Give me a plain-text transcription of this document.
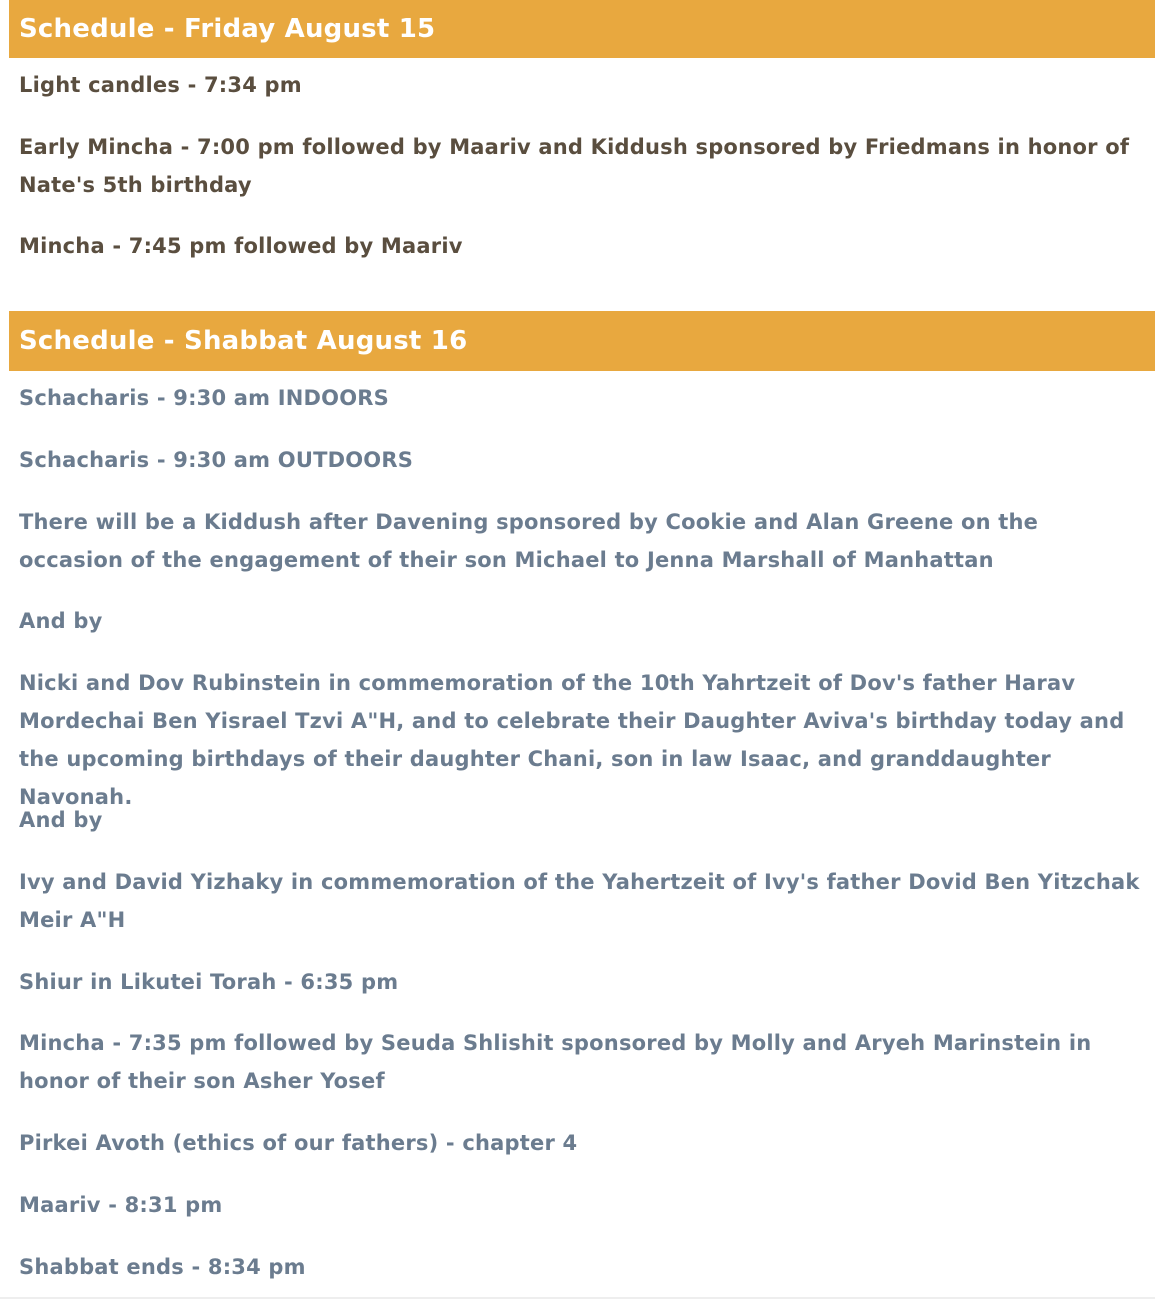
Schedule - Friday August 15

Light candles - 7:34 pm

Early Mincha - 7:00 pm followed by Maariv and Kiddush sponsored by Friedmans in honor of Nate's 5th birthday

Mincha - 7:45 pm followed by Maariv

Schedule - Shabbat August 16

Schacharis - 9:30 am INDOORS

Schacharis - 9:30 am OUTDOORS

There will be a Kiddush after Davening sponsored by Cookie and Alan Greene on the occasion of the engagement of their son Michael to Jenna Marshall of Manhattan

And by

Nicki and Dov Rubinstein in commemoration of the 10th Yahrtzeit of Dov's father Harav Mordechai Ben Yisrael Tzvi A"H, and to celebrate their Daughter Aviva's birthday today and the upcoming birthdays of their daughter Chani, son in law Isaac, and granddaughter Navonah.

And by

Ivy and David Yizhaky in commemoration of the Yahertzeit of Ivy's father Dovid Ben Yitzchak Meir A"H

Shiur in Likutei Torah - 6:35 pm

Mincha - 7:35 pm followed by Seuda Shlishit sponsored by Molly and Aryeh Marinstein in honor of their son Asher Yosef

Pirkei Avoth (ethics of our fathers) - chapter 4

Maariv - 8:31 pm

Shabbat ends - 8:34 pm
